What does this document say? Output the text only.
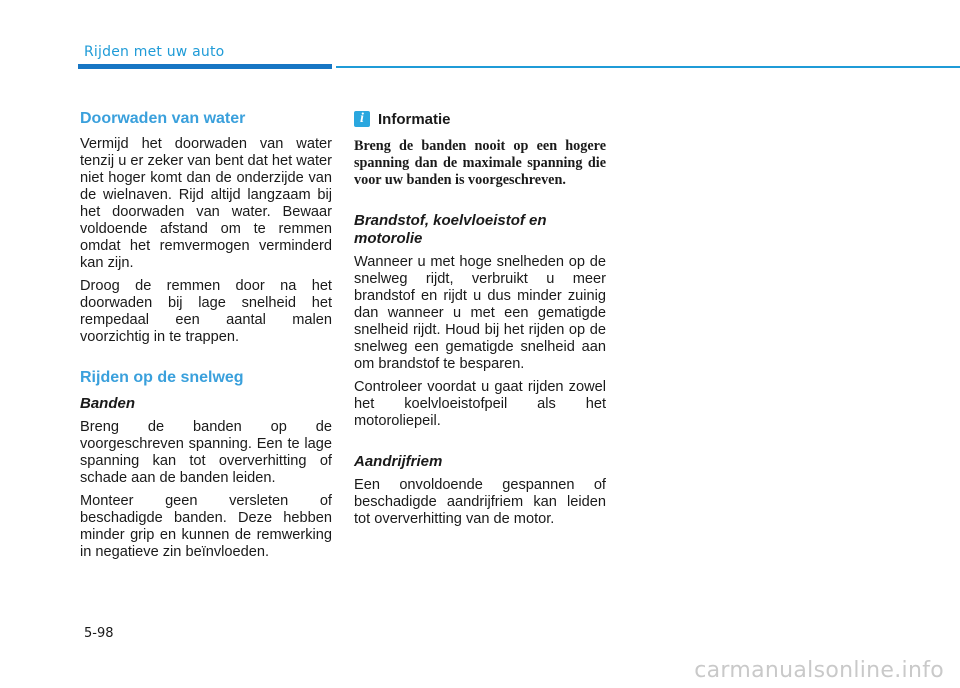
Rijden met uw auto
Doorwaden van water

Vermijd het doorwaden van water tenzij u er zeker van bent dat het water niet hoger komt dan de onderzijde van de wielnaven. Rijd altijd langzaam bij het doorwaden van water. Bewaar voldoende afstand om te remmen omdat het remvermogen verminderd kan zijn.

Droog de remmen door na het doorwaden bij lage snelheid het rempedaal een aantal malen voorzichtig in te trappen.

Rijden op de snelweg
Banden

Breng de banden op de voorgeschreven spanning. Een te lage spanning kan tot oververhitting of schade aan de banden leiden.

Monteer geen versleten of beschadigde banden. Deze hebben minder grip en kunnen de remwerking in negatieve zin beïnvloeden.

i Informatie

Breng de banden nooit op een hogere spanning dan de maximale spanning die voor uw banden is voorgeschreven.

Brandstof, koelvloeistof en motorolie

Wanneer u met hoge snelheden op de snelweg rijdt, verbruikt u meer brandstof en rijdt u dus minder zuinig dan wanneer u met een gematigde snelheid rijdt. Houd bij het rijden op de snelweg een gematigde snelheid aan om brandstof te besparen.

Controleer voordat u gaat rijden zowel het koelvloeistofpeil als het motoroliepeil.

Aandrijfriem

Een onvoldoende gespannen of beschadigde aandrijfriem kan leiden tot oververhitting van de motor.

5-98
carmanualsonline.info
